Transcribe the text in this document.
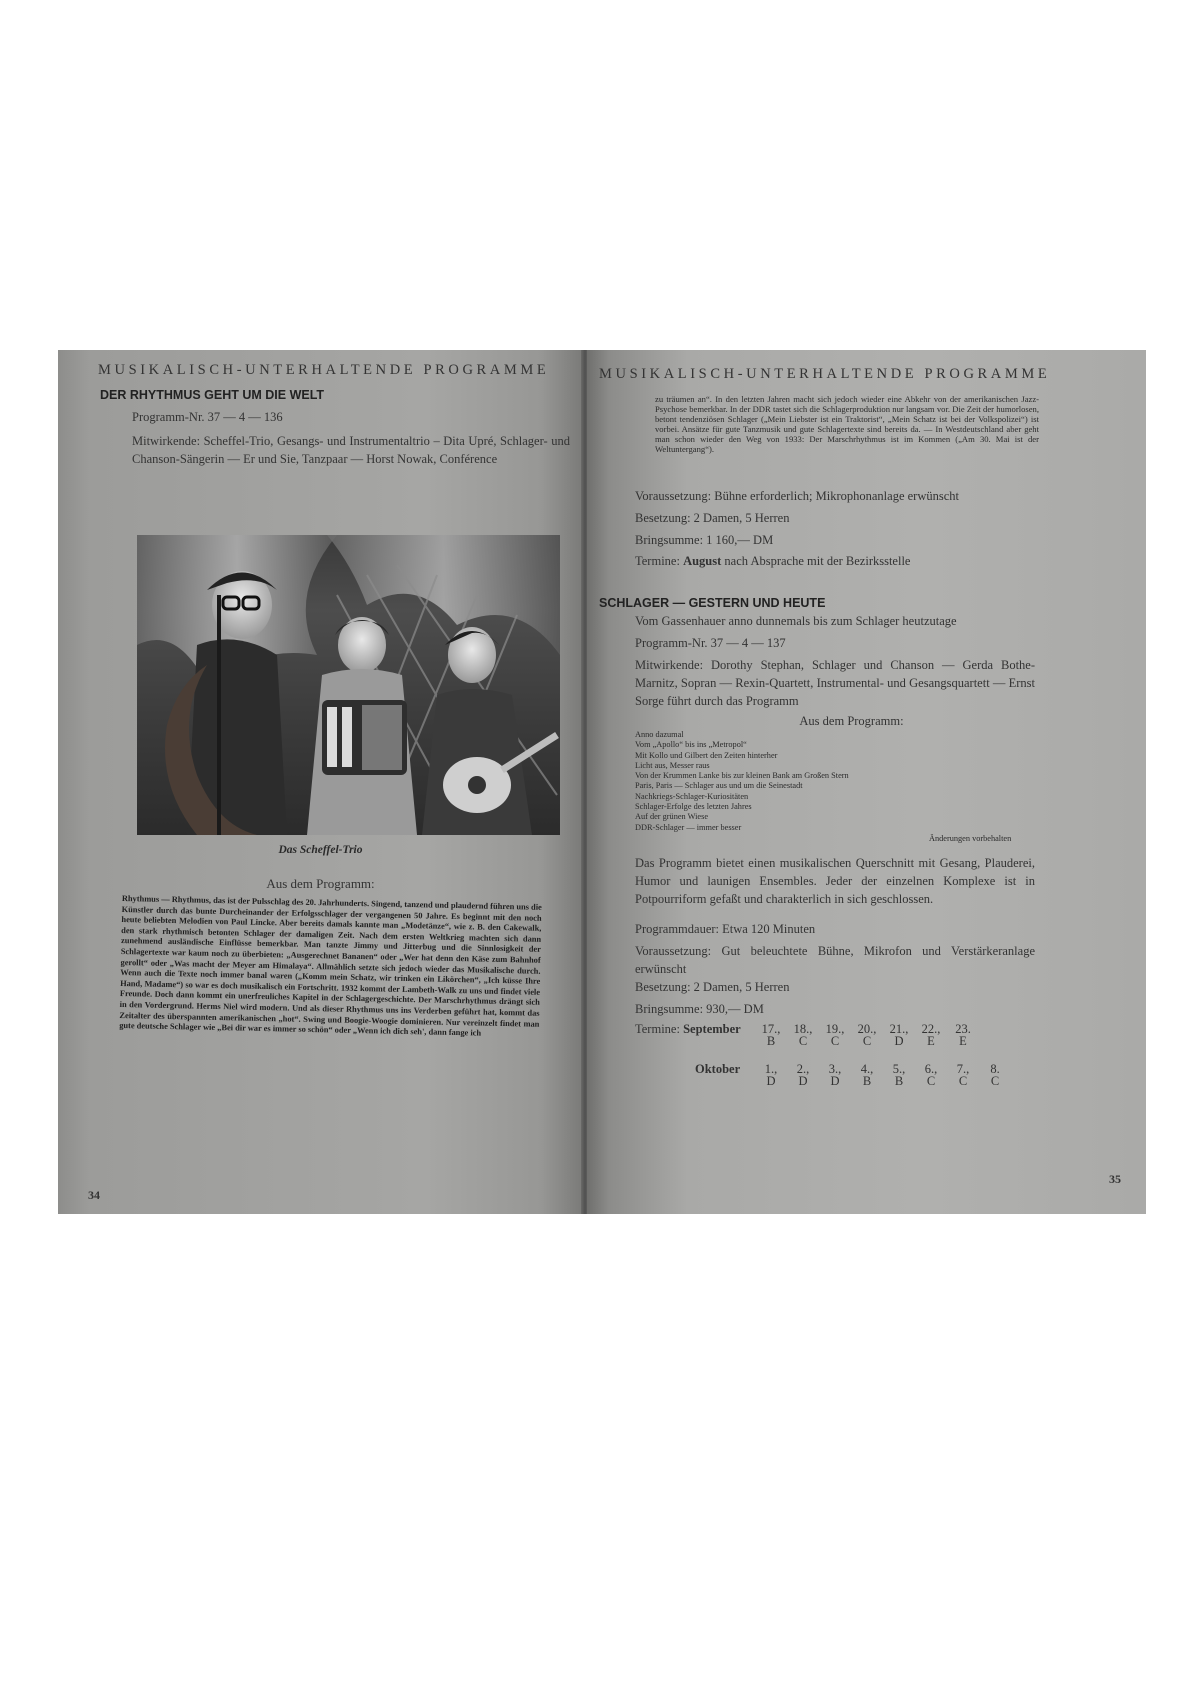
MUSIKALISCH-UNTERHALTENDE PROGRAMME
DER RHYTHMUS GEHT UM DIE WELT
Programm-Nr. 37 — 4 — 136
Mitwirkende: Scheffel-Trio, Gesangs- und Instrumentaltrio – Dita Upré, Schlager- und Chanson-Sängerin — Er und Sie, Tanzpaar — Horst Nowak, Conférence
Das Scheffel-Trio
Aus dem Programm:
Rhythmus — Rhythmus, das ist der Pulsschlag des 20. Jahrhunderts. Singend, tanzend und plaudernd führen uns die Künstler durch das bunte Durcheinander der Erfolgsschlager der vergangenen 50 Jahre. Es beginnt mit den noch heute beliebten Melodien von Paul Lincke. Aber bereits damals kannte man „Modetänze“, wie z. B. den Cakewalk, den stark rhythmisch betonten Schlager der damaligen Zeit. Nach dem ersten Weltkrieg machten sich dann zunehmend ausländische Einflüsse bemerkbar. Man tanzte Jimmy und Jitterbug und die Sinnlosigkeit der Schlagertexte war kaum noch zu überbieten: „Ausgerechnet Bananen“ oder „Wer hat denn den Käse zum Bahnhof gerollt“ oder „Was macht der Meyer am Himalaya“. Allmählich setzte sich jedoch wieder das Musikalische durch. Wenn auch die Texte noch immer banal waren („Komm mein Schatz, wir trinken ein Likörchen“, „Ich küsse Ihre Hand, Madame“) so war es doch musikalisch ein Fortschritt. 1932 kommt der Lambeth-Walk zu uns und findet viele Freunde. Doch dann kommt ein unerfreuliches Kapitel in der Schlagergeschichte. Der Marschrhythmus drängt sich in den Vordergrund. Herms Niel wird modern. Und als dieser Rhythmus uns ins Verderben geführt hat, kommt das Zeitalter des überspannten amerikanischen „hot“. Swing und Boogie-Woogie dominieren. Nur vereinzelt findet man gute deutsche Schlager wie „Bei dir war es immer so schön“ oder „Wenn ich dich seh', dann fange ich
34
MUSIKALISCH-UNTERHALTENDE PROGRAMME
zu träumen an“. In den letzten Jahren macht sich jedoch wieder eine Abkehr von der amerikanischen Jazz-Psychose bemerkbar. In der DDR tastet sich die Schlagerproduktion nur langsam vor. Die Zeit der humorlosen, betont tendenziösen Schlager („Mein Liebster ist ein Traktorist“, „Mein Schatz ist bei der Volkspolizei“) ist vorbei. Ansätze für gute Tanzmusik und gute Schlagertexte sind bereits da. — In Westdeutschland aber geht man schon wieder den Weg von 1933: Der Marschrhythmus ist im Kommen („Am 30. Mai ist der Weltuntergang“).
Voraussetzung: Bühne erforderlich; Mikrophonanlage erwünscht
Besetzung: 2 Damen, 5 Herren
Bringsumme: 1 160,— DM
Termine: August nach Absprache mit der Bezirksstelle
SCHLAGER — GESTERN UND HEUTE
Vom Gassenhauer anno dunnemals bis zum Schlager heutzutage
Programm-Nr. 37 — 4 — 137
Mitwirkende: Dorothy Stephan, Schlager und Chanson — Gerda Bothe-Marnitz, Sopran — Rexin-Quartett, Instrumental- und Gesangsquartett — Ernst Sorge führt durch das Programm
Aus dem Programm:
Anno dazumal
Vom „Apollo“ bis ins „Metropol“
Mit Kollo und Gilbert den Zeiten hinterher
Licht aus, Messer raus
Von der Krummen Lanke bis zur kleinen Bank am Großen Stern
Paris, Paris — Schlager aus und um die Seinestadt
Nachkriegs-Schlager-Kuriositäten
Schlager-Erfolge des letzten Jahres
Auf der grünen Wiese
DDR-Schlager — immer besser
Änderungen vorbehalten
Das Programm bietet einen musikalischen Querschnitt mit Gesang, Plauderei, Humor und launigen Ensembles. Jeder der einzelnen Komplexe ist in Potpourriform gefaßt und charakterlich in sich geschlossen.
Programmdauer: Etwa 120 Minuten
Voraussetzung: Gut beleuchtete Bühne, Mikrofon und Verstärkeranlage erwünscht
Besetzung: 2 Damen, 5 Herren
Bringsumme: 930,— DM
Termine: September	17.,	18.,	19.,	20.,	21.,	22.,	23.
B	C	C	C	D	E	E
Oktober	1.,	2.,	3.,	4.,	5.,	6.,	7.,	8.
D	D	D	B	B	C	C	C
35
